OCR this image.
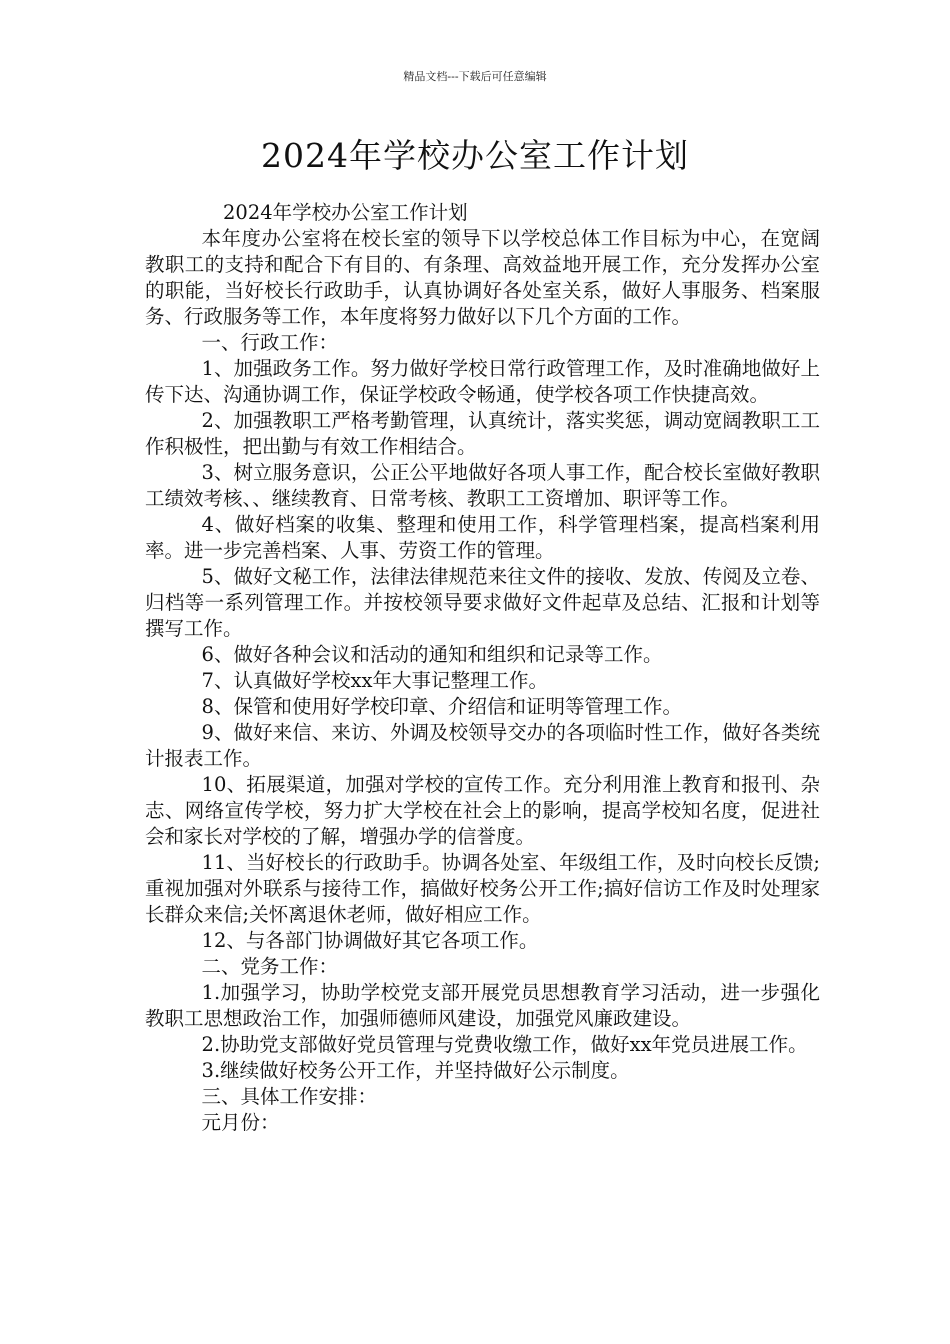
精品文档---下载后可任意编辑
2024年学校办公室工作计划

2024年学校办公室工作计划

本年度办公室将在校长室的领导下以学校总体工作目标为中心，在宽阔教职工的支持和配合下有目的、有条理、高效益地开展工作，充分发挥办公室的职能，当好校长行政助手，认真协调好各处室关系，做好人事服务、档案服务、行政服务等工作，本年度将努力做好以下几个方面的工作。

一、行政工作：

1、加强政务工作。努力做好学校日常行政管理工作，及时准确地做好上传下达、沟通协调工作，保证学校政令畅通，使学校各项工作快捷高效。

2、加强教职工严格考勤管理，认真统计，落实奖惩，调动宽阔教职工工作积极性，把出勤与有效工作相结合。

3、树立服务意识，公正公平地做好各项人事工作，配合校长室做好教职工绩效考核、、继续教育、日常考核、教职工工资增加、职评等工作。

4、做好档案的收集、整理和使用工作，科学管理档案，提高档案利用率。进一步完善档案、人事、劳资工作的管理。

5、做好文秘工作，法律法律规范来往文件的接收、发放、传阅及立卷、归档等一系列管理工作。并按校领导要求做好文件起草及总结、汇报和计划等撰写工作。

6、做好各种会议和活动的通知和组织和记录等工作。

7、认真做好学校xx年大事记整理工作。

8、保管和使用好学校印章、介绍信和证明等管理工作。

9、做好来信、来访、外调及校领导交办的各项临时性工作，做好各类统计报表工作。

10、拓展渠道，加强对学校的宣传工作。充分利用淮上教育和报刊、杂志、网络宣传学校，努力扩大学校在社会上的影响，提高学校知名度，促进社会和家长对学校的了解，增强办学的信誉度。

11、当好校长的行政助手。协调各处室、年级组工作，及时向校长反馈;重视加强对外联系与接待工作，搞做好校务公开工作;搞好信访工作及时处理家长群众来信;关怀离退休老师，做好相应工作。

12、与各部门协调做好其它各项工作。

二、党务工作：

1.加强学习，协助学校党支部开展党员思想教育学习活动，进一步强化教职工思想政治工作，加强师德师风建设，加强党风廉政建设。

2.协助党支部做好党员管理与党费收缴工作，做好xx年党员进展工作。

3.继续做好校务公开工作，并坚持做好公示制度。

三、具体工作安排：

元月份：
